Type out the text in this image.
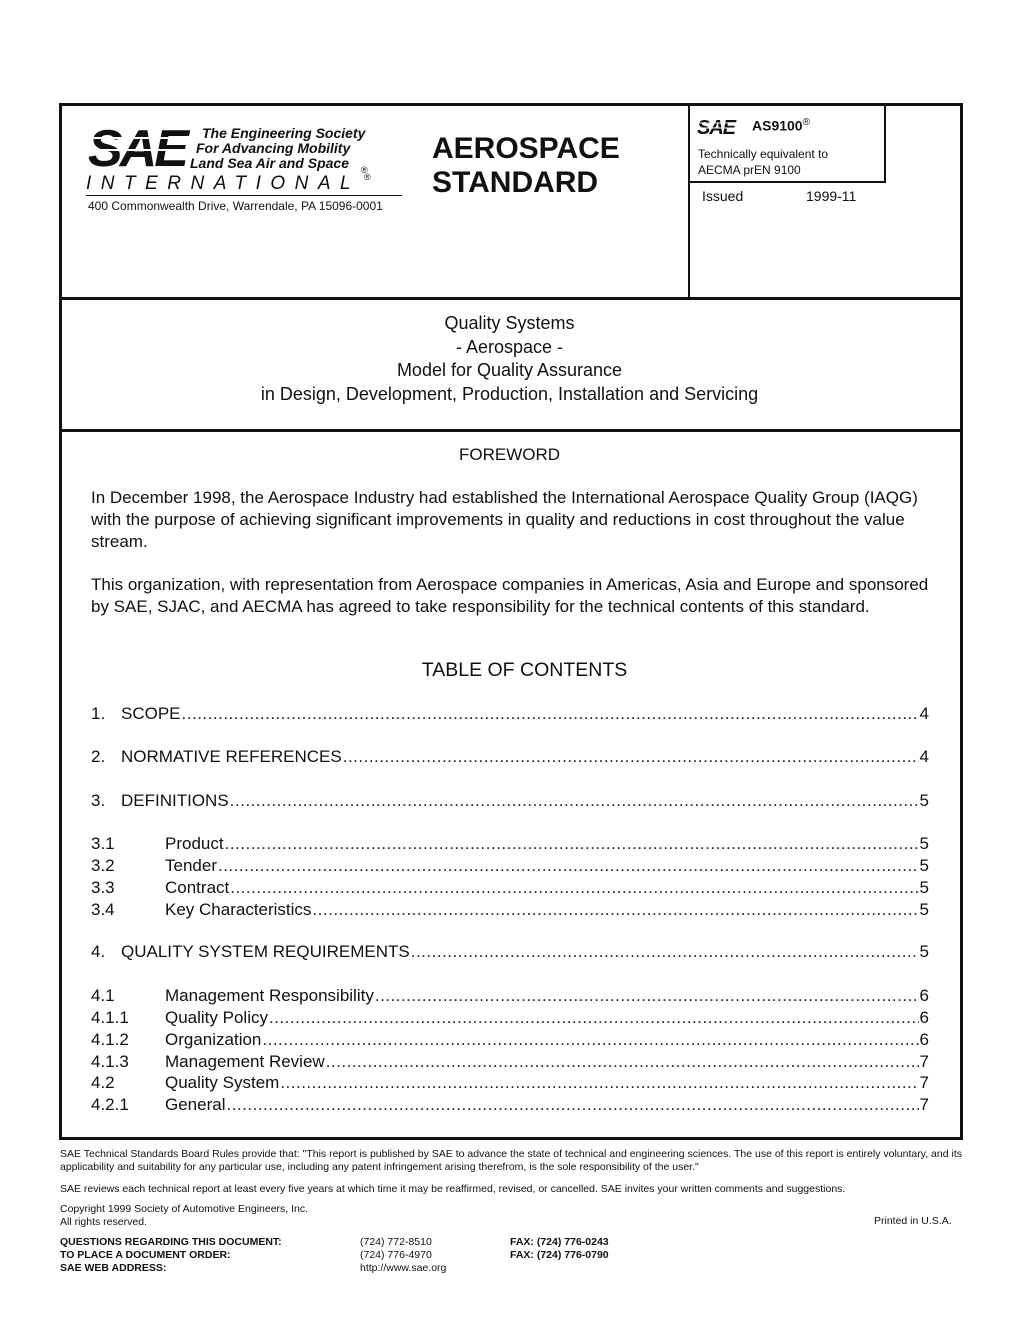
SAE	The Engineering Society
For Advancing Mobility
Land Sea Air and Space ®
INTERNATIONAL ®
400 Commonwealth Drive, Warrendale, PA 15096-0001
AEROSPACE
STANDARD
SAE AS9100®
Technically equivalent to
AECMA prEN 9100
Issued	1999-11
Quality Systems
- Aerospace -
Model for Quality Assurance
in Design, Development, Production, Installation and Servicing
FOREWORD
In December 1998, the Aerospace Industry had established the International Aerospace Quality Group (IAQG) with the purpose of achieving significant improvements in quality and reductions in cost throughout the value stream.
This organization, with representation from Aerospace companies in Americas, Asia and Europe and sponsored by SAE, SJAC, and AECMA has agreed to take responsibility for the technical contents of this standard.
TABLE OF CONTENTS
1. SCOPE .....	4
2. NORMATIVE REFERENCES .....	4
3. DEFINITIONS .....	5
3.1	Product .....	5
3.2	Tender .....	5
3.3	Contract .....	5
3.4	Key Characteristics .....	5
4. QUALITY SYSTEM REQUIREMENTS .....	5
4.1	Management Responsibility .....	6
4.1.1	Quality Policy .....	6
4.1.2	Organization .....	6
4.1.3	Management Review .....	7
4.2	Quality System .....	7
4.2.1	General .....	7
SAE Technical Standards Board Rules provide that: "This report is published by SAE to advance the state of technical and engineering sciences. The use of this report is entirely voluntary, and its applicability and suitability for any particular use, including any patent infringement arising therefrom, is the sole responsibility of the user."
SAE reviews each technical report at least every five years at which time it may be reaffirmed, revised, or cancelled. SAE invites your written comments and suggestions.
Copyright 1999 Society of Automotive Engineers, Inc.
All rights reserved.	Printed in U.S.A.
QUESTIONS REGARDING THIS DOCUMENT:	(724) 772-8510	FAX: (724) 776-0243
TO PLACE A DOCUMENT ORDER:	(724) 776-4970	FAX: (724) 776-0790
SAE WEB ADDRESS:	http://www.sae.org
